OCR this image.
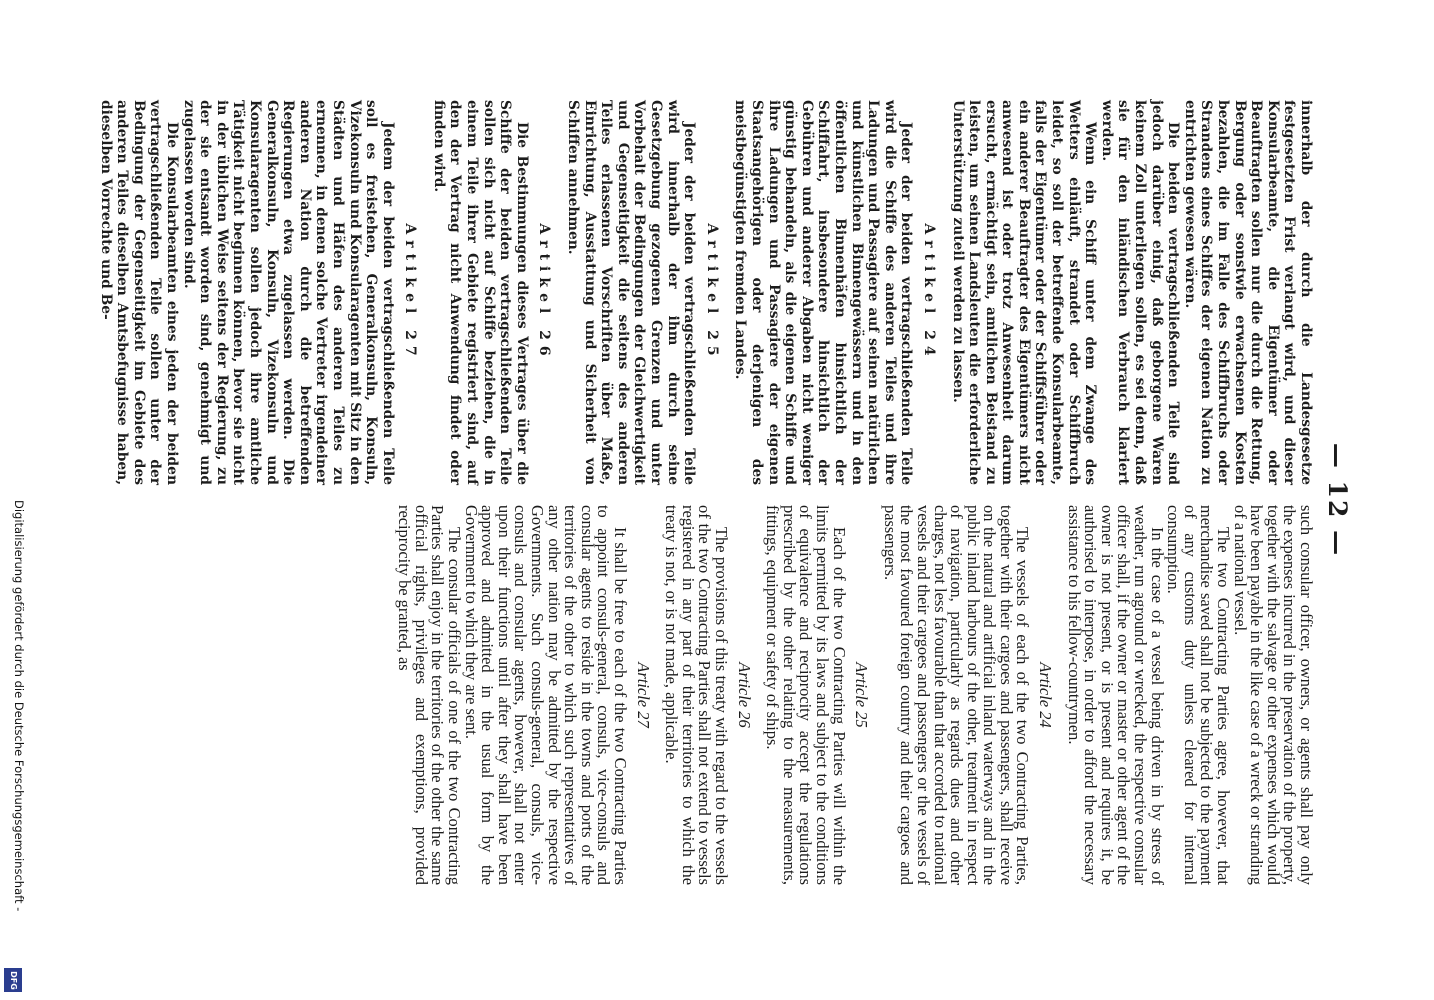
— 12 —

such consular officer, owners, or agents shall pay only the expenses incurred in the preservation of the property, together with the salvage or other expenses which would have been payable in the like case of a wreck or stranding of a national vessel.

The two Contracting Parties agree, however, that merchandise saved shall not be subjected to the payment of any customs duty unless cleared for internal consumption.

In the case of a vessel being driven in by stress of weather, run aground or wrecked, the respective consular officer shall, if the owner or master or other agent of the owner is not present, or is present and requires it, be authorised to interpose, in order to afford the necessary assistance to his fellow-countrymen.

Article 24

The vessels of each of the two Contracting Parties, together with their cargoes and passengers, shall receive on the natural and artificial inland waterways and in the public inland harbours of the other, treatment in respect of navigation, particularly as regards dues and other charges, not less favourable than that accorded to national vessels and their cargoes and passengers or the vessels of the most favoured foreign country and their cargoes and passengers.

Article 25

Each of the two Contracting Parties will within the limits permitted by its laws and subject to the conditions of equivalence and reciprocity accept the regulations prescribed by the other relating to the measurements, fittings, equipment or safety of ships.

Article 26

The provisions of this treaty with regard to the vessels of the two Contracting Parties shall not extend to vessels registered in any part of their territories to which the treaty is not, or is not made, applicable.

Article 27

It shall be free to each of the two Contracting Parties to appoint consuls-general, consuls, vice-consuls and consular agents to reside in the towns and ports of the territories of the other to which such representatives of any other nation may be admitted by the respective Governments. Such consuls-general, consuls, vice-consuls and consular agents, however, shall not enter upon their functions until after they shall have been approved and admitted in the usual form by the Government to which they are sent.

The consular officials of one of the two Contracting Parties shall enjoy in the territories of the other the same official rights, privileges and exemptions, provided reciprocity be granted, as

innerhalb der durch die Landesgesetze festgesetzten Frist verlangt wird, und dieser Konsularbeamte, die Eigentümer oder Beauftragten sollen nur die durch die Rettung, Bergung oder sonstwie erwachsenen Kosten bezahlen, die im Falle des Schiffbruchs oder Strandens eines Schiffes der eigenen Nation zu entrichten gewesen wären.

Die beiden vertragschließenden Teile sind jedoch darüber einig, daß geborgene Waren keinem Zoll unterliegen sollen, es sei denn, daß sie für den inländischen Verbrauch klariert werden.

Wenn ein Schiff unter dem Zwange des Wetters einläuft, strandet oder Schiffbruch leidet, so soll der betreffende Konsularbeamte, falls der Eigentümer oder der Schiffsführer oder ein anderer Beauftragter des Eigentümers nicht anwesend ist oder trotz Anwesenheit darum ersucht, ermächtigt sein, amtlichen Beistand zu leisten, um seinen Landsleuten die erforderliche Unterstützung zuteil werden zu lassen.

Artikel 24

Jeder der beiden vertragschließenden Teile wird die Schiffe des anderen Teiles und ihre Ladungen und Passagiere auf seinen natürlichen und künstlichen Binnengewässern und in den öffentlichen Binnenhäfen hinsichtlich der Schiffahrt, insbesondere hinsichtlich der Gebühren und anderer Abgaben nicht weniger günstig behandeln, als die eigenen Schiffe und ihre Ladungen und Passagiere der eigenen Staatsangehörigen oder derjenigen des meistbegünstigten fremden Landes.

Artikel 25

Jeder der beiden vertragschließenden Teile wird innerhalb der ihm durch seine Gesetzgebung gezogenen Grenzen und unter Vorbehalt der Bedingungen der Gleichwertigkeit und Gegenseitigkeit die seitens des anderen Teiles erlassenen Vorschriften über Maße, Einrichtung, Ausstattung und Sicherheit von Schiffen annehmen.

Artikel 26

Die Bestimmungen dieses Vertrages über die Schiffe der beiden vertragschließenden Teile sollen sich nicht auf Schiffe beziehen, die in einem Teile ihrer Gebiete registriert sind, auf den der Vertrag nicht Anwendung findet oder finden wird.

Artikel 27

Jedem der beiden vertragschließenden Teile soll es freistehen, Generalkonsuln, Konsuln, Vizekonsuln und Konsularagenten mit Sitz in den Städten und Häfen des anderen Teiles zu ernennen, in denen solche Vertreter irgendeiner anderen Nation durch die betreffenden Regierungen etwa zugelassen werden. Die Generalkonsuln, Konsuln, Vizekonsuln und Konsularagenten sollen jedoch ihre amtliche Tätigkeit nicht beginnen können, bevor sie nicht in der üblichen Weise seitens der Regierung, zu der sie entsandt worden sind, genehmigt und zugelassen worden sind.

Die Konsularbeamten eines jeden der beiden vertragschließenden Teile sollen unter der Bedingung der Gegenseitigkeit im Gebiete des anderen Teiles dieselben Amtsbefugnisse haben, dieselben Vorrechte und Be-

Digitalisierung gefördert durch die Deutsche Forschungsgemeinschaft -
DFG
